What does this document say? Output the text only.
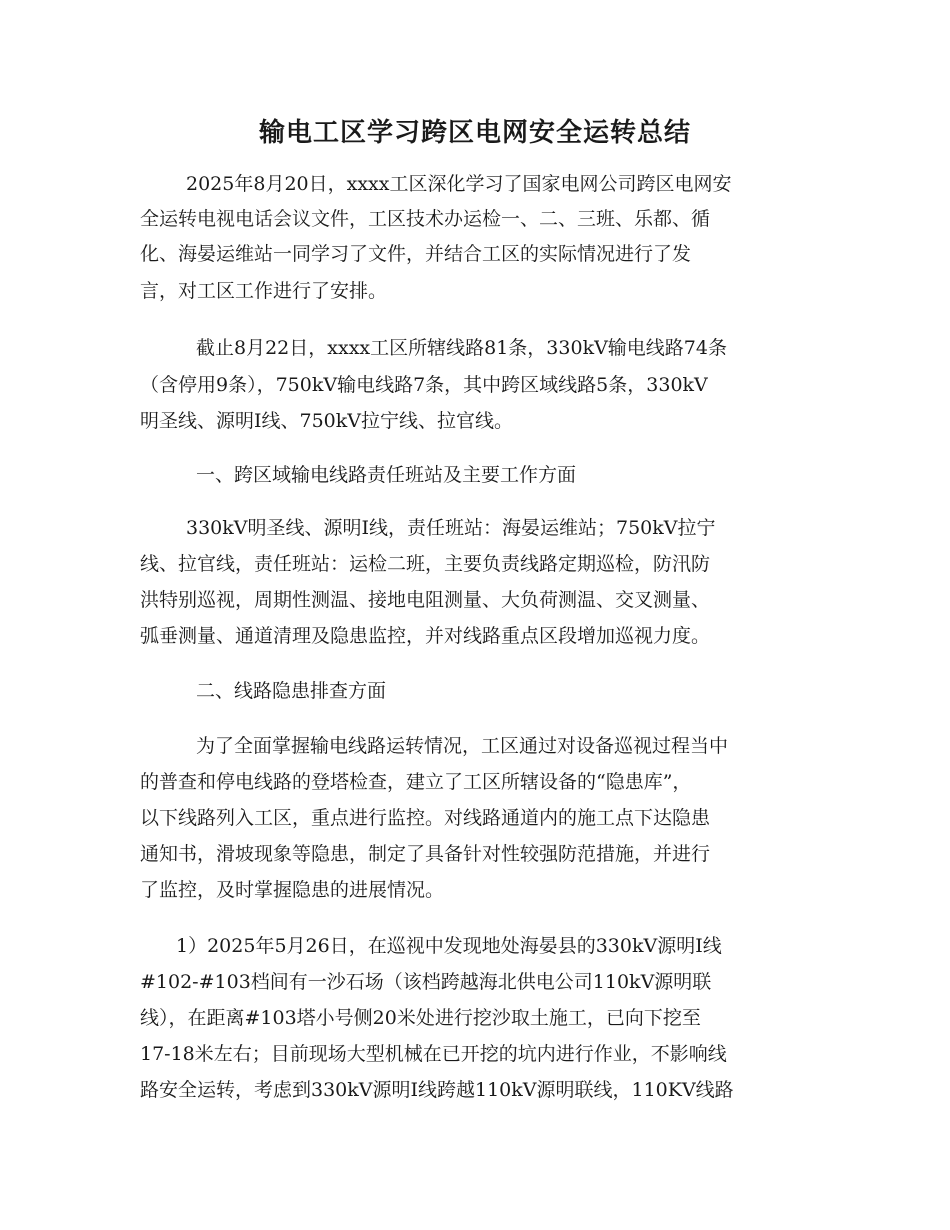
输电工区学习跨区电网安全运转总结

2025年8月20日，xxxx工区深化学习了国家电网公司跨区电网安

全运转电视电话会议文件，工区技术办运检一、二、三班、乐都、循

化、海晏运维站一同学习了文件，并结合工区的实际情况进行了发

言，对工区工作进行了安排。

截止8月22日，xxxx工区所辖线路81条，330kV输电线路74条

（含停用9条），750kV输电线路7条，其中跨区域线路5条，330kV

明圣线、源明Ⅰ线、750kV拉宁线、拉官线。

一、跨区域输电线路责任班站及主要工作方面

330kV明圣线、源明Ⅰ线，责任班站：海晏运维站；750kV拉宁

线、拉官线，责任班站：运检二班，主要负责线路定期巡检，防汛防

洪特别巡视，周期性测温、接地电阻测量、大负荷测温、交叉测量、

弧垂测量、通道清理及隐患监控，并对线路重点区段增加巡视力度。

二、线路隐患排查方面

为了全面掌握输电线路运转情况，工区通过对设备巡视过程当中

的普查和停电线路的登塔检查，建立了工区所辖设备的“隐患库”，

以下线路列入工区，重点进行监控。对线路通道内的施工点下达隐患

通知书，滑坡现象等隐患，制定了具备针对性较强防范措施，并进行

了监控，及时掌握隐患的进展情况。

1）2025年5月26日，在巡视中发现地处海晏县的330kV源明Ⅰ线

#102-#103档间有一沙石场（该档跨越海北供电公司110kV源明联

线），在距离#103塔小号侧20米处进行挖沙取土施工，已向下挖至

17-18米左右；目前现场大型机械在已开挖的坑内进行作业，不影响线

路安全运转，考虑到330kV源明Ⅰ线跨越110kV源明联线，110KV线路
